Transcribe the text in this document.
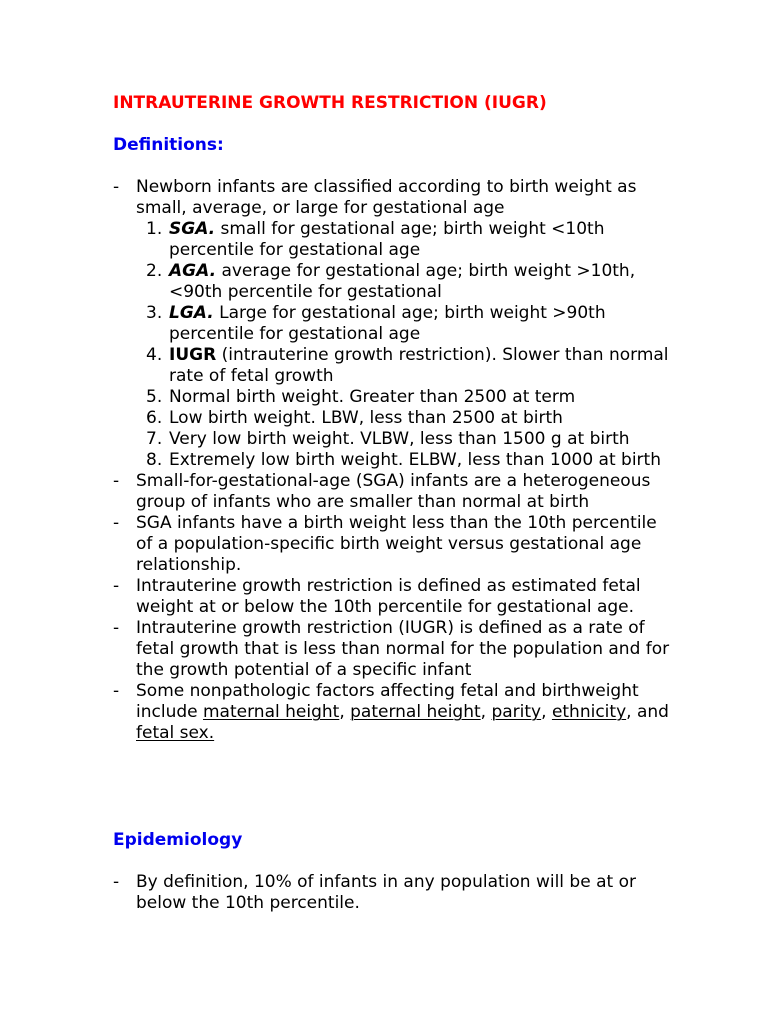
INTRAUTERINE GROWTH RESTRICTION (IUGR)
Definitions:
- Newborn infants are classified according to birth weight as small, average, or large for gestational age
1. SGA. small for gestational age; birth weight <10th percentile for gestational age
2. AGA. average for gestational age; birth weight >10th, <90th percentile for gestational
3. LGA. Large for gestational age; birth weight >90th percentile for gestational age
4. IUGR (intrauterine growth restriction). Slower than normal rate of fetal growth
5. Normal birth weight. Greater than 2500 at term
6. Low birth weight. LBW, less than 2500 at birth
7. Very low birth weight. VLBW, less than 1500 g at birth
8. Extremely low birth weight. ELBW, less than 1000 at birth
- Small-for-gestational-age (SGA) infants are a heterogeneous group of infants who are smaller than normal at birth
- SGA infants have a birth weight less than the 10th percentile of a population-specific birth weight versus gestational age relationship.
- Intrauterine growth restriction is defined as estimated fetal weight at or below the 10th percentile for gestational age.
- Intrauterine growth restriction (IUGR) is defined as a rate of fetal growth that is less than normal for the population and for the growth potential of a specific infant
- Some nonpathologic factors affecting fetal and birthweight include maternal height, paternal height, parity, ethnicity, and fetal sex.
Epidemiology
- By definition, 10% of infants in any population will be at or below the 10th percentile.
